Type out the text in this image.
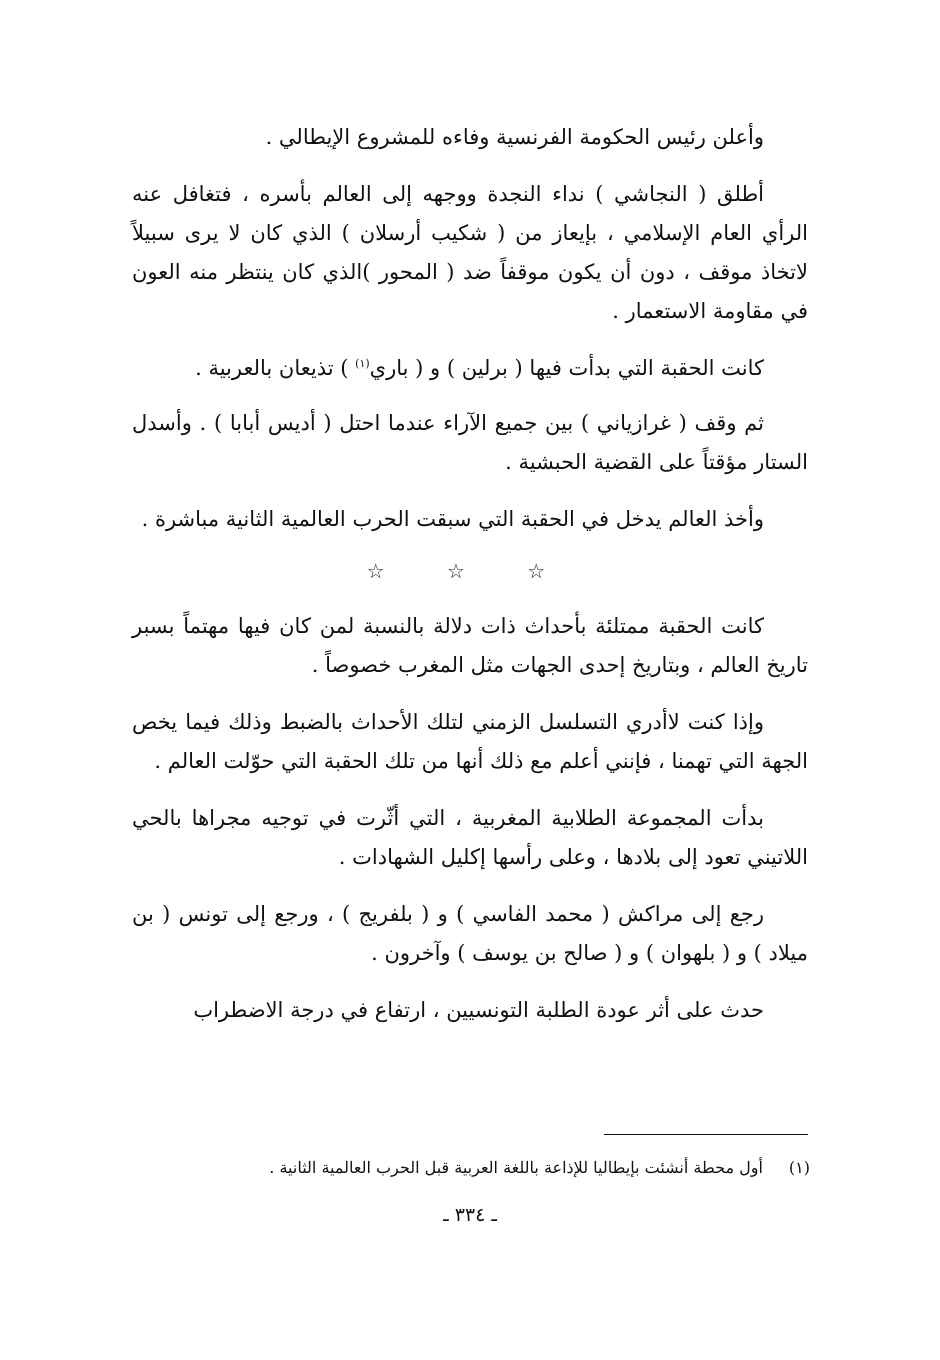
وأعلن رئيس الحكومة الفرنسية وفاءه للمشروع الإيطالي .

أطلق ( النجاشي ) نداء النجدة ووجهه إلى العالم بأسره ، فتغافل عنه الرأي العام الإسلامي ، بإيعاز من ( شكيب أرسلان ) الذي كان لا يرى سبيلاً لاتخاذ موقف ، دون أن يكون موقفاً ضد ( المحور )الذي كان ينتظر منه العون في مقاومة الاستعمار .

كانت الحقبة التي بدأت فيها ( برلين ) و ( باري$^{(١)}$ ) تذيعان بالعربية .

ثم وقف ( غرازياني ) بين جميع الآراء عندما احتل ( أديس أبابا ) . وأسدل الستار مؤقتاً على القضية الحبشية .

وأخذ العالم يدخل في الحقبة التي سبقت الحرب العالمية الثانية مباشرة .

☆ ☆ ☆

كانت الحقبة ممتلئة بأحداث ذات دلالة بالنسبة لمن كان فيها مهتماً بسبر تاريخ العالم ، وبتاريخ إحدى الجهات مثل المغرب خصوصاً .

وإذا كنت لاأدري التسلسل الزمني لتلك الأحداث بالضبط وذلك فيما يخص الجهة التي تهمنا ، فإنني أعلم مع ذلك أنها من تلك الحقبة التي حوّلت العالم .

بدأت المجموعة الطلابية المغربية ، التي أثّرت في توجيه مجراها بالحي اللاتيني تعود إلى بلادها ، وعلى رأسها إكليل الشهادات .

رجع إلى مراكش ( محمد الفاسي ) و ( بلفريج ) ، ورجع إلى تونس ( بن ميلاد ) و ( بلهوان ) و ( صالح بن يوسف ) وآخرون .

حدث على أثر عودة الطلبة التونسيين ، ارتفاع في درجة الاضطراب

(١)أول محطة أنشئت بإيطاليا للإذاعة باللغة العربية قبل الحرب العالمية الثانية .
ـ ٣٣٤ ـ
